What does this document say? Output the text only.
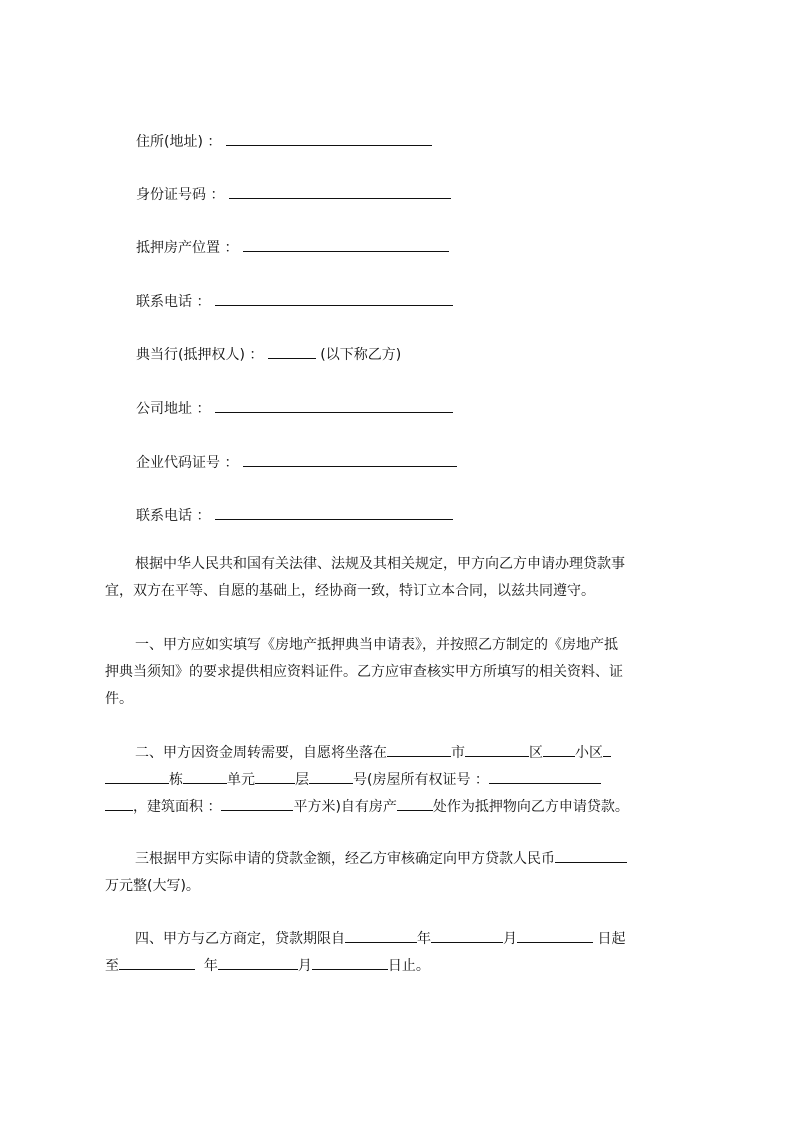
住所(地址) ：
身份证号码 ：
抵押房产位置 ：
联系电话 ：
典当行(抵押权人) ：	(以下称乙方)
公司地址 ：
企业代码证号 ：
联系电话 ：
根据中华人民共和国有关法律、法规及其相关规定，甲方向乙方申请办理贷款事
宜，双方在平等、自愿的基础上，经协商一致，特订立本合同，以兹共同遵守。
一、甲方应如实填写《房地产抵押典当申请表》，并按照乙方制定的《房地产抵
押典当须知》的要求提供相应资料证件。乙方应审查核实甲方所填写的相关资料、证
件。
二、甲方因资金周转需要，自愿将坐落在	市	区 小区
栋	单元	层	号(房屋所有权证号 ：
，建筑面积 ：	平方米)自有房产	处作为抵押物向乙方申请贷款。
三根据甲方实际申请的贷款金额，经乙方审核确定向甲方贷款人民币
万元整(大写)。
四、甲方与乙方商定，贷款期限自	年	月	日起
至	年	月	日止。
